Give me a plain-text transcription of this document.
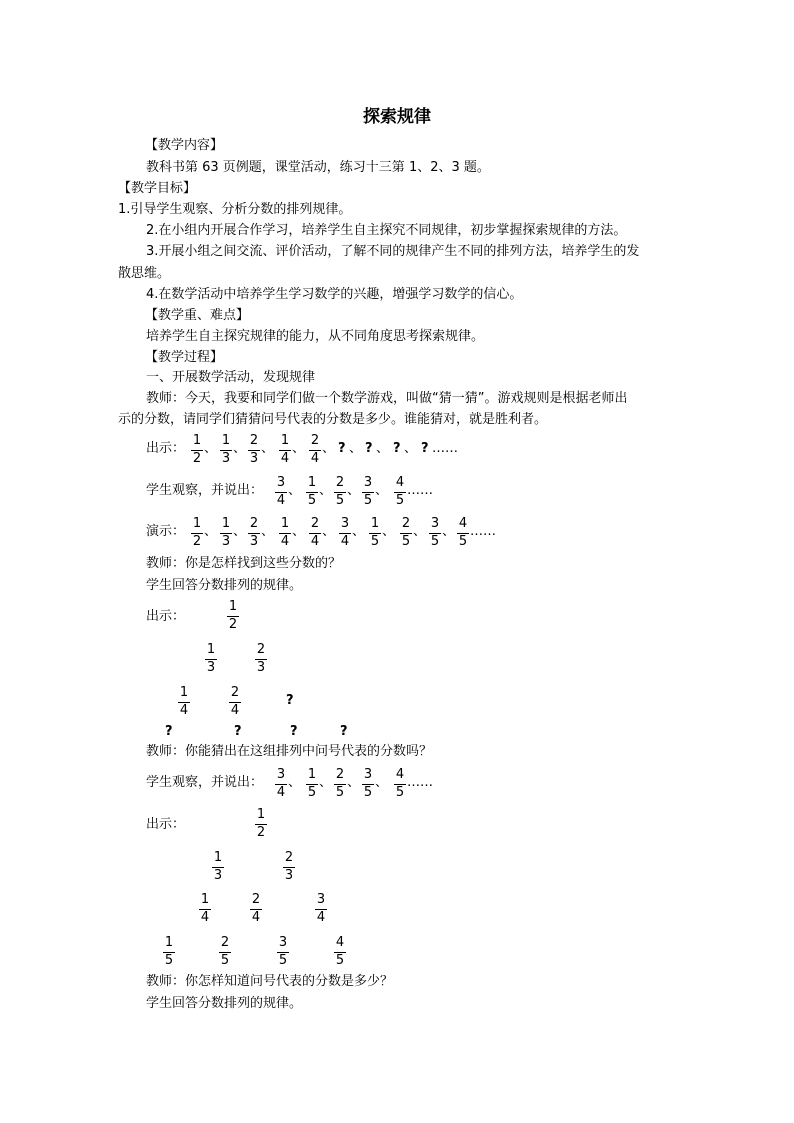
探索规律
【教学内容】
教科书第 63 页例题，课堂活动，练习十三第 1、2、3 题。
【教学目标】
1.引导学生观察、分析分数的排列规律。
2.在小组内开展合作学习，培养学生自主探究不同规律，初步掌握探索规律的方法。
3.开展小组之间交流、评价活动，了解不同的规律产生不同的排列方法，培养学生的发
散思维。
4.在数学活动中培养学生学习数学的兴趣，增强学习数学的信心。
【教学重、难点】
培养学生自主探究规律的能力，从不同角度思考探索规律。
【教学过程】
一、开展数学活动，发现规律
教师：今天，我要和同学们做一个数学游戏，叫做“猜一猜”。游戏规则是根据老师出
示的分数，请同学们猜猜问号代表的分数是多少。谁能猜对，就是胜利者。
出示：
1
2
、
1
3
、
2
3
、
1
4
、
2
4
、 ? 、 ? 、 ? 、 ? ……
学生观察，并说出：
3
4
、
1
5
、
2
5
、
3
5
、
4
5
……
演示：
1
2
、
1
3
、
2
3
、
1
4
、
2
4
、
3
4
、
1
5
、
2
5
、
3
5
、
4
5
……
教师：你是怎样找到这些分数的？
学生回答分数排列的规律。
出示：
1
2
1
3
2
3
1
4
2
4
?
?	?	?	?
教师：你能猜出在这组排列中问号代表的分数吗？
学生观察，并说出：
3
4
、
1
5
、
2
5
、
3
5
、
4
5
……
出示：
1
2
1
3
2
3
1
4
2
4
3
4
1
5
2
5
3
5
4
5
教师：你怎样知道问号代表的分数是多少？
学生回答分数排列的规律。
